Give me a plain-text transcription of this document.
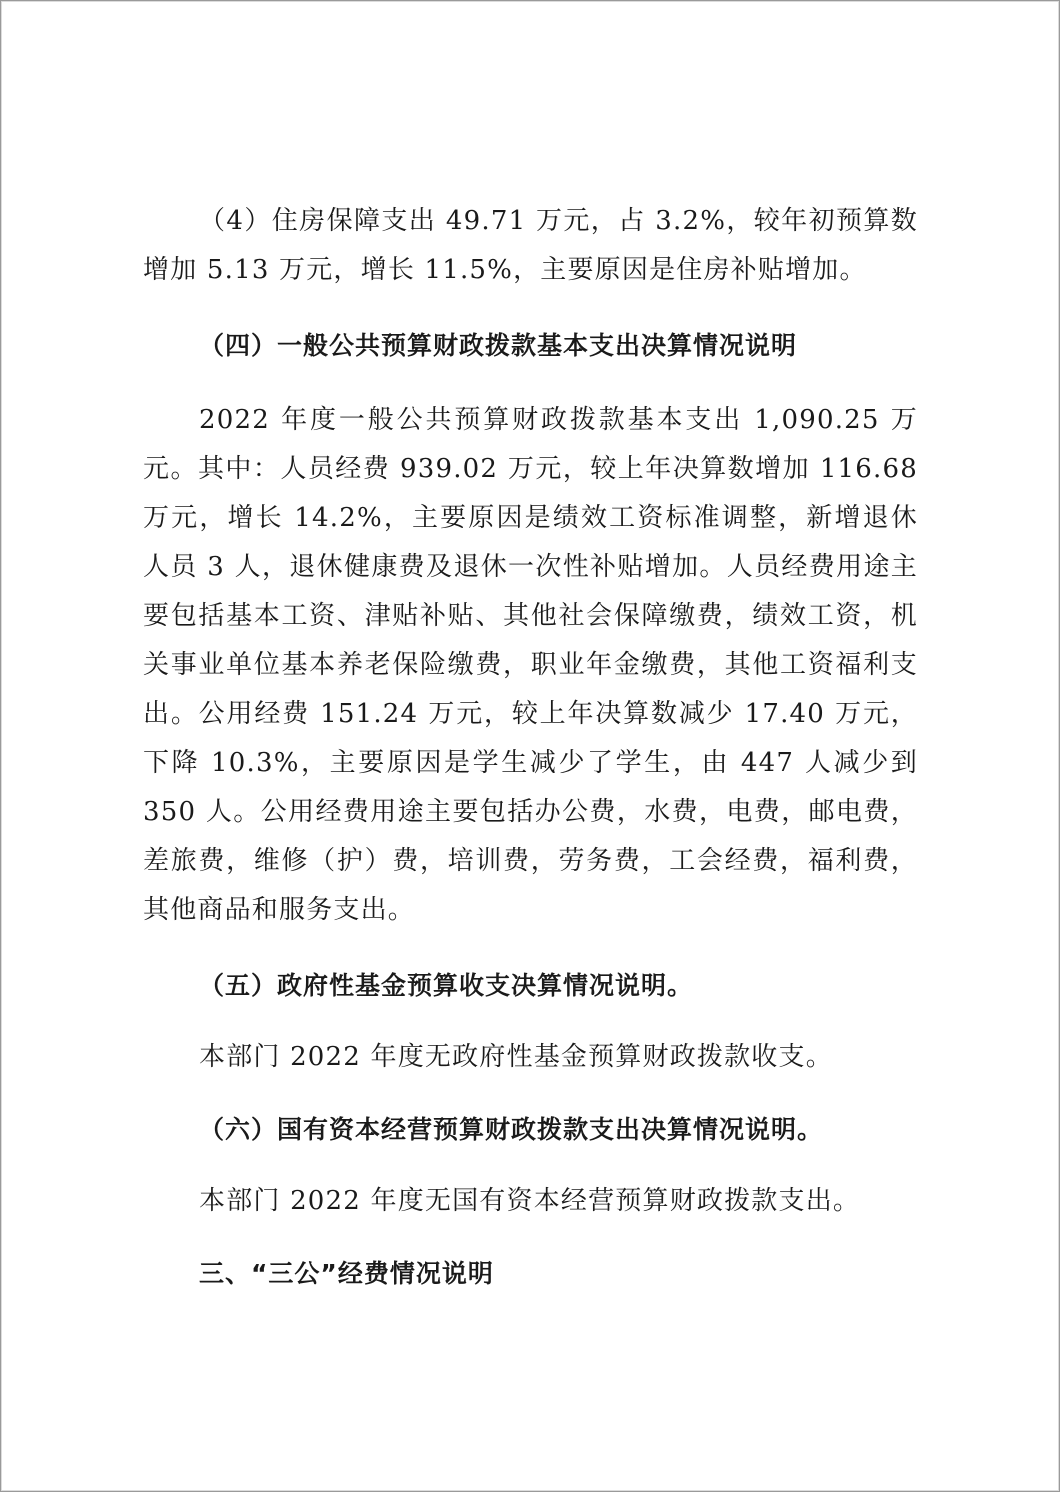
（4）住房保障支出 49.71 万元，占 3.2%，较年初预算数增加 5.13 万元，增长 11.5%，主要原因是住房补贴增加。

（四）一般公共预算财政拨款基本支出决算情况说明

2022 年度一般公共预算财政拨款基本支出 1,090.25 万元。其中：人员经费 939.02 万元，较上年决算数增加 116.68 万元，增长 14.2%，主要原因是绩效工资标准调整，新增退休人员 3 人，退休健康费及退休一次性补贴增加。人员经费用途主要包括基本工资、津贴补贴、其他社会保障缴费，绩效工资，机关事业单位基本养老保险缴费，职业年金缴费，其他工资福利支出。公用经费 151.24 万元，较上年决算数减少 17.40 万元，下降 10.3%，主要原因是学生减少了学生，由 447 人减少到 350 人。公用经费用途主要包括办公费，水费，电费，邮电费，差旅费，维修（护）费，培训费，劳务费，工会经费，福利费，其他商品和服务支出。

（五）政府性基金预算收支决算情况说明。

本部门 2022 年度无政府性基金预算财政拨款收支。

（六）国有资本经营预算财政拨款支出决算情况说明。

本部门 2022 年度无国有资本经营预算财政拨款支出。

三、“三公”经费情况说明
